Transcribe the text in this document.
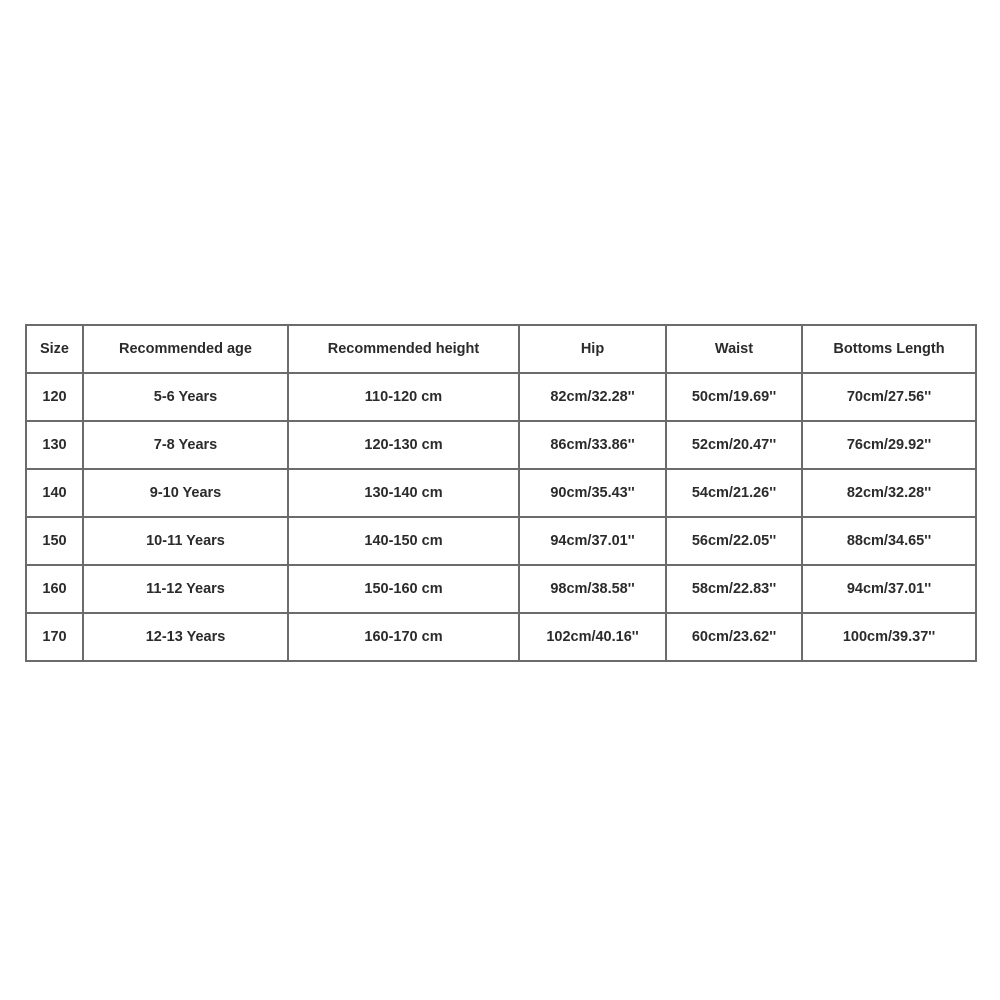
Size	Recommended age	Recommended height	Hip	Waist	Bottoms Length
120	5-6 Years	110-120 cm	82cm/32.28''	50cm/19.69''	70cm/27.56''
130	7-8 Years	120-130 cm	86cm/33.86''	52cm/20.47''	76cm/29.92''
140	9-10 Years	130-140 cm	90cm/35.43''	54cm/21.26''	82cm/32.28''
150	10-11 Years	140-150 cm	94cm/37.01''	56cm/22.05''	88cm/34.65''
160	11-12 Years	150-160 cm	98cm/38.58''	58cm/22.83''	94cm/37.01''
170	12-13 Years	160-170 cm	102cm/40.16''	60cm/23.62''	100cm/39.37''
